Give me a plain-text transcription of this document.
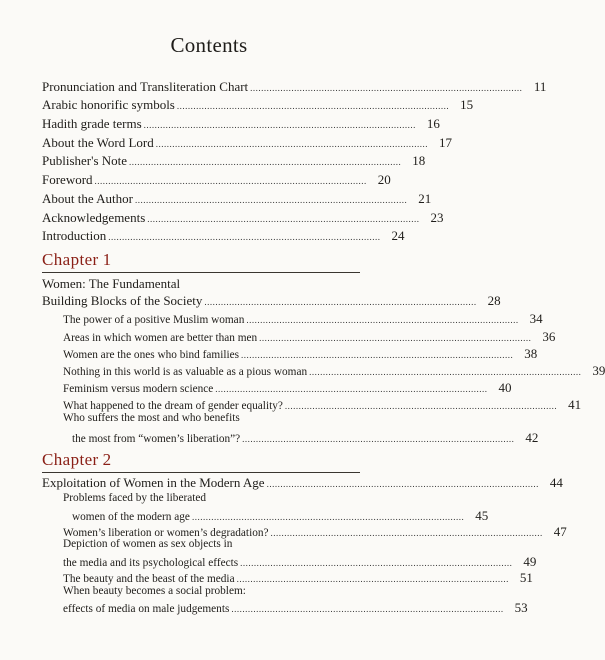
Contents
Pronunciation and Transliteration Chart ................................................................................................... 11
Arabic honorific symbols ................................................................................................... 15
Hadith grade terms ................................................................................................... 16
About the Word Lord ................................................................................................... 17
Publisher's Note ................................................................................................... 18
Foreword ................................................................................................... 20
About the Author ................................................................................................... 21
Acknowledgements ................................................................................................... 23
Introduction ................................................................................................... 24
Chapter 1
Women: The Fundamental
Building Blocks of the Society ................................................................................................... 28
The power of a positive Muslim woman ................................................................................................... 34
Areas in which women are better than men ................................................................................................... 36
Women are the ones who bind families ................................................................................................... 38
Nothing in this world is as valuable as a pious woman ................................................................................................... 39
Feminism versus modern science ................................................................................................... 40
What happened to the dream of gender equality? ................................................................................................... 41
Who suffers the most and who benefits
the most from “women’s liberation”? ................................................................................................... 42
Chapter 2
Exploitation of Women in the Modern Age ................................................................................................... 44
Problems faced by the liberated
women of the modern age ................................................................................................... 45
Women’s liberation or women’s degradation? ................................................................................................... 47
Depiction of women as sex objects in
the media and its psychological effects ................................................................................................... 49
The beauty and the beast of the media ................................................................................................... 51
When beauty becomes a social problem:
effects of media on male judgements ................................................................................................... 53
